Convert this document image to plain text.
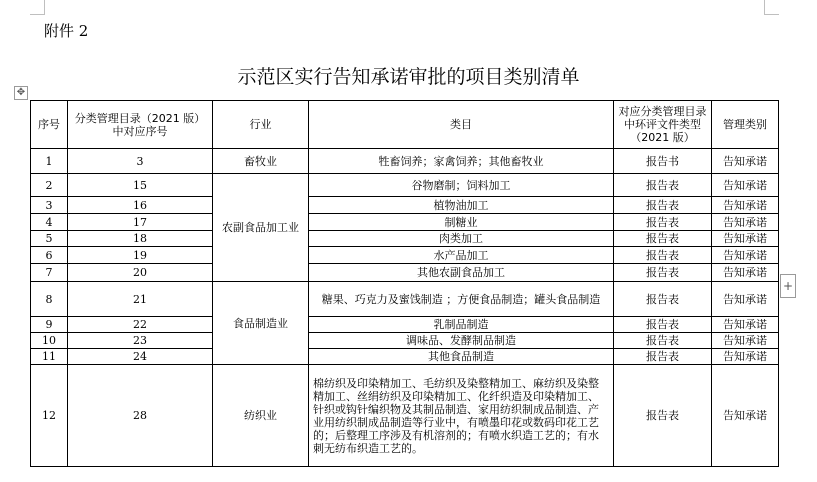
附件 2
示范区实行告知承诺审批的项目类别清单
✥
+
序号	分类管理目录（2021 版）中对应序号	行业	类目	对应分类管理目录中环评文件类型（2021 版）	管理类别
1	3	畜牧业	牲畜饲养；家禽饲养；其他畜牧业	报告书	告知承诺
2	15	农副食品加工业	谷物磨制；饲料加工	报告表	告知承诺
3	16		植物油加工	报告表	告知承诺
4	17		制糖业	报告表	告知承诺
5	18		肉类加工	报告表	告知承诺
6	19		水产品加工	报告表	告知承诺
7	20		其他农副食品加工	报告表	告知承诺
8	21	食品制造业	糖果、巧克力及蜜饯制造 ；方便食品制造；罐头食品制造	报告表	告知承诺
9	22		乳制品制造	报告表	告知承诺
10	23		调味品、发酵制品制造	报告表	告知承诺
11	24		其他食品制造	报告表	告知承诺
12	28	纺织业	棉纺织及印染精加工、毛纺织及染整精加工、麻纺织及染整精加工、丝绢纺织及印染精加工、化纤织造及印染精加工、针织或钩针编织物及其制品制造、家用纺织制成品制造、产业用纺织制成品制造等行业中，有喷墨印花或数码印花工艺的；后整理工序涉及有机溶剂的；有喷水织造工艺的；有水刺无纺布织造工艺的。	报告表	告知承诺
